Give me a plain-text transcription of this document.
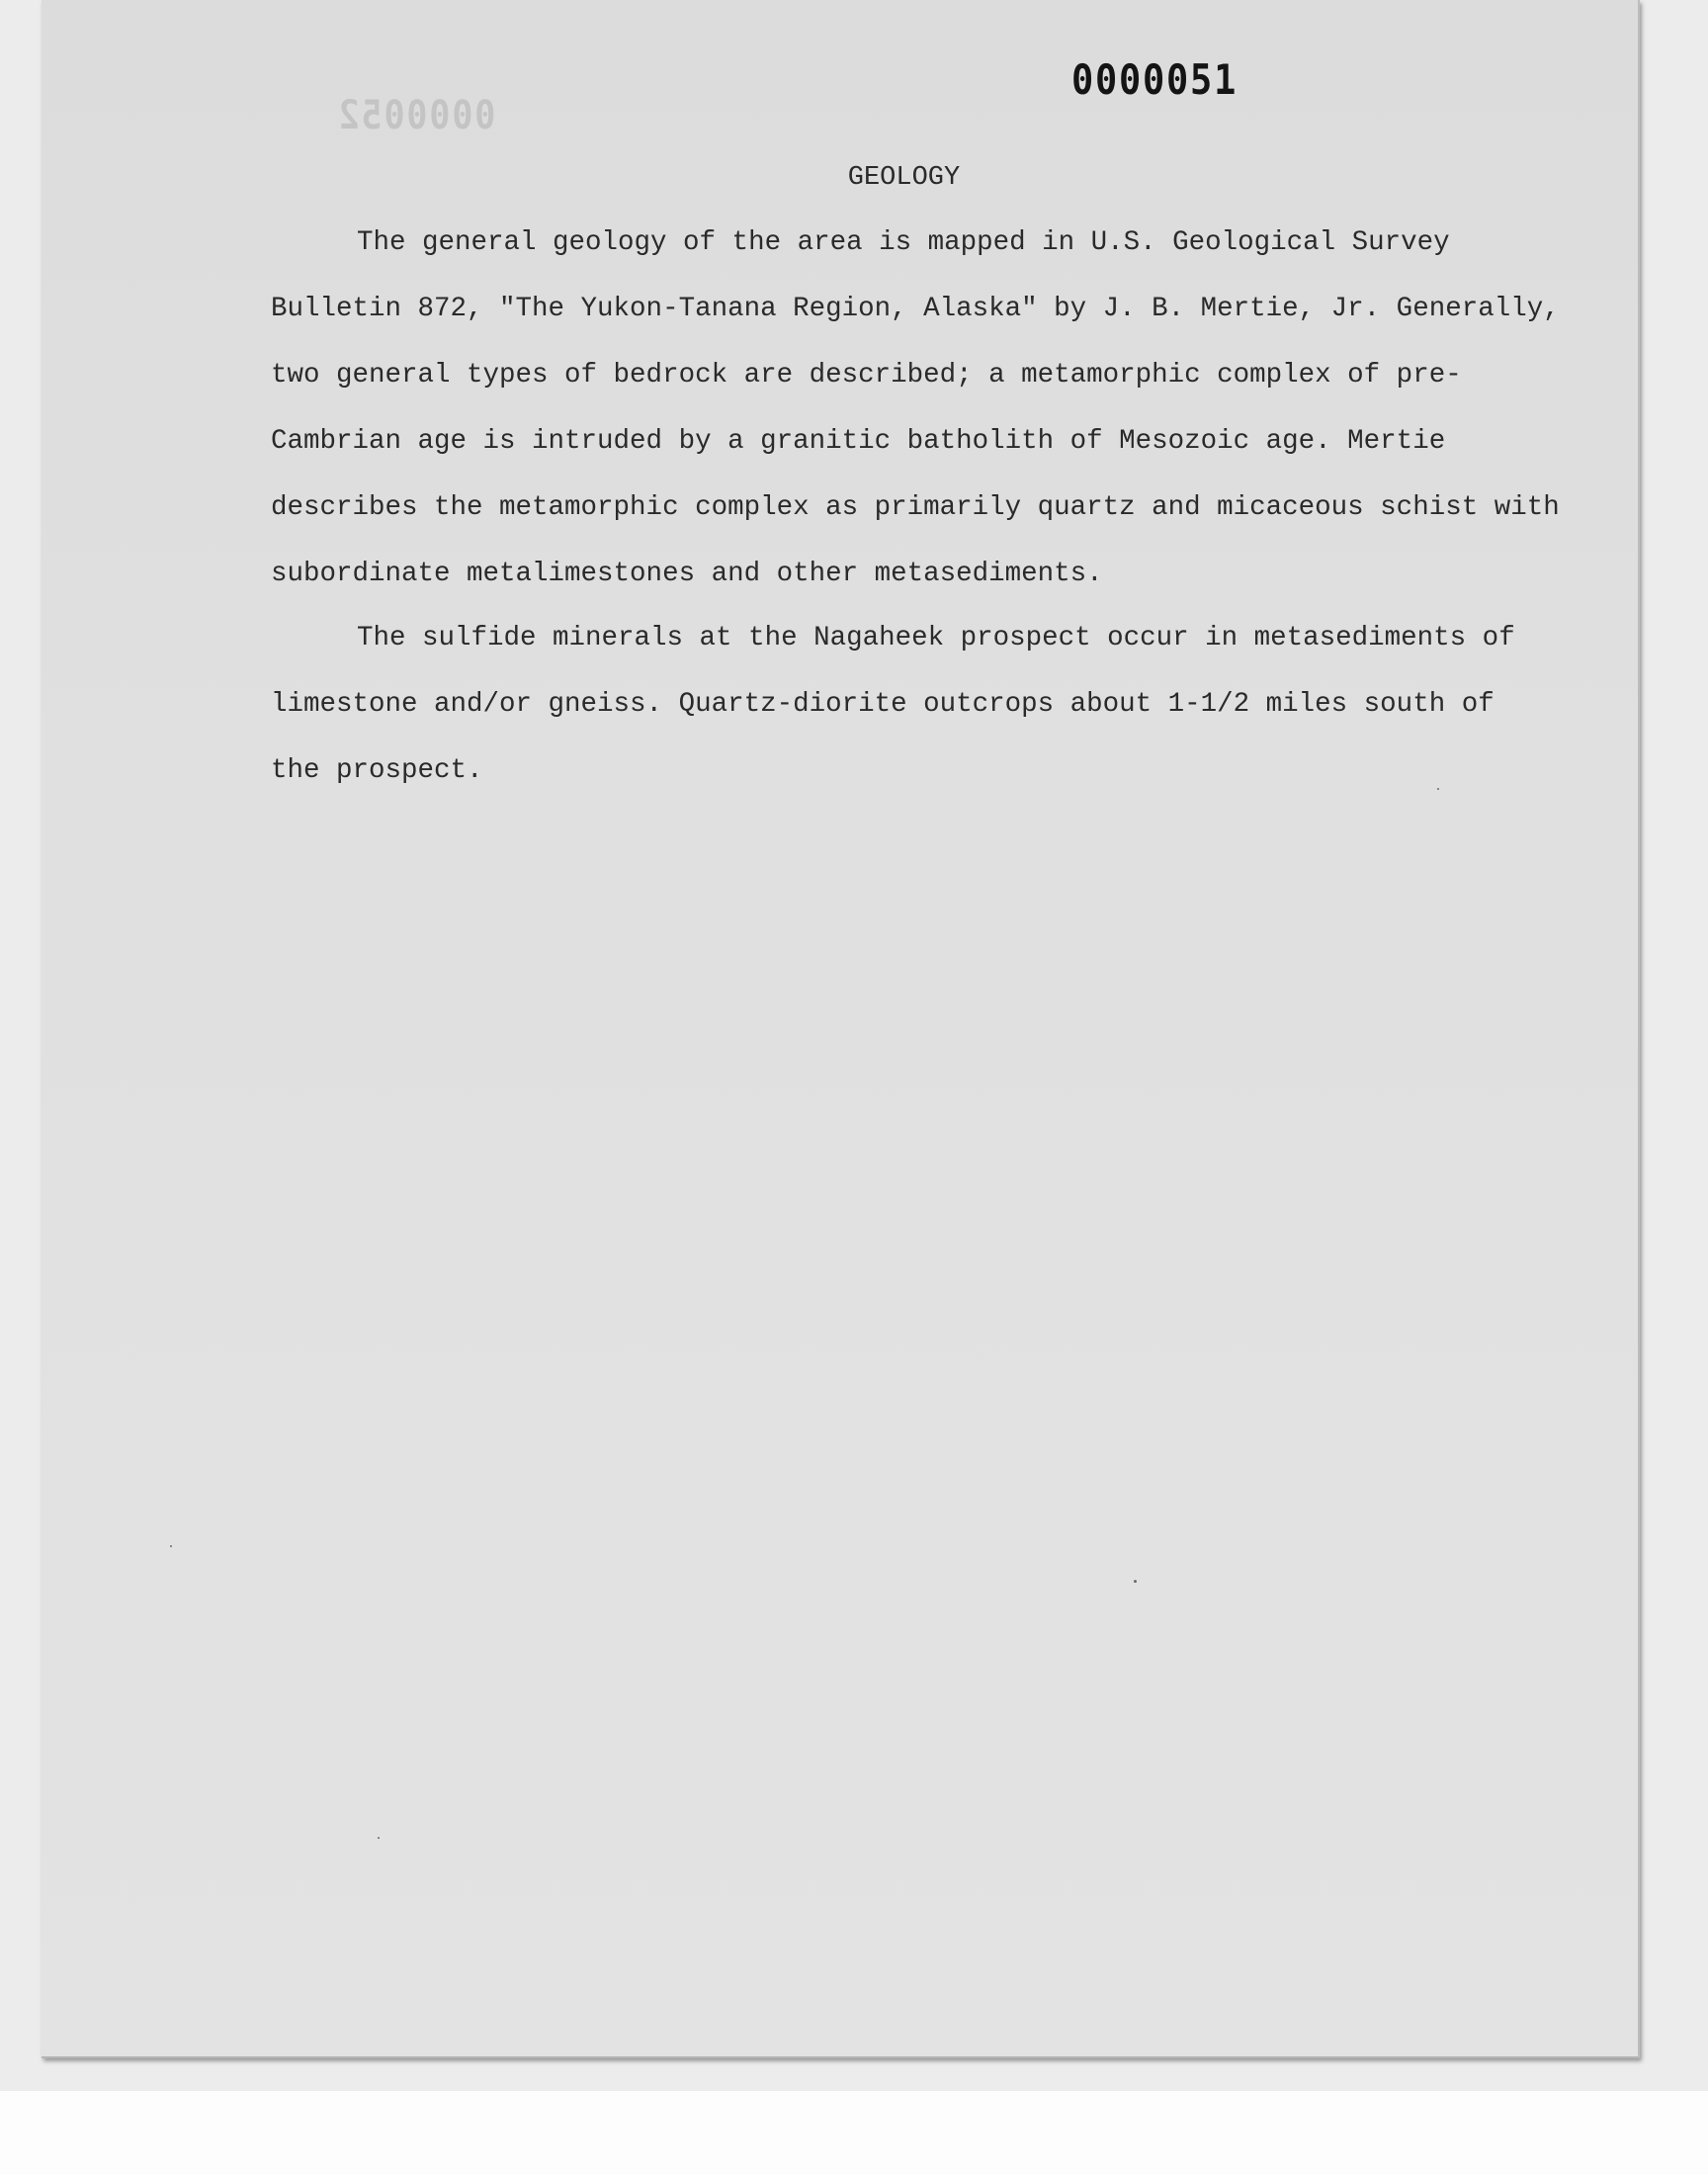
0000052
0000051
GEOLOGY

The general geology of the area is mapped in U.S. Geological Survey
Bulletin 872, "The Yukon-Tanana Region, Alaska" by J. B. Mertie, Jr. Generally,
two general types of bedrock are described; a metamorphic complex of pre-
Cambrian age is intruded by a granitic batholith of Mesozoic age. Mertie
describes the metamorphic complex as primarily quartz and micaceous schist with
subordinate metalimestones and other metasediments.

The sulfide minerals at the Nagaheek prospect occur in metasediments of
limestone and/or gneiss. Quartz-diorite outcrops about 1-1/2 miles south of
the prospect.
